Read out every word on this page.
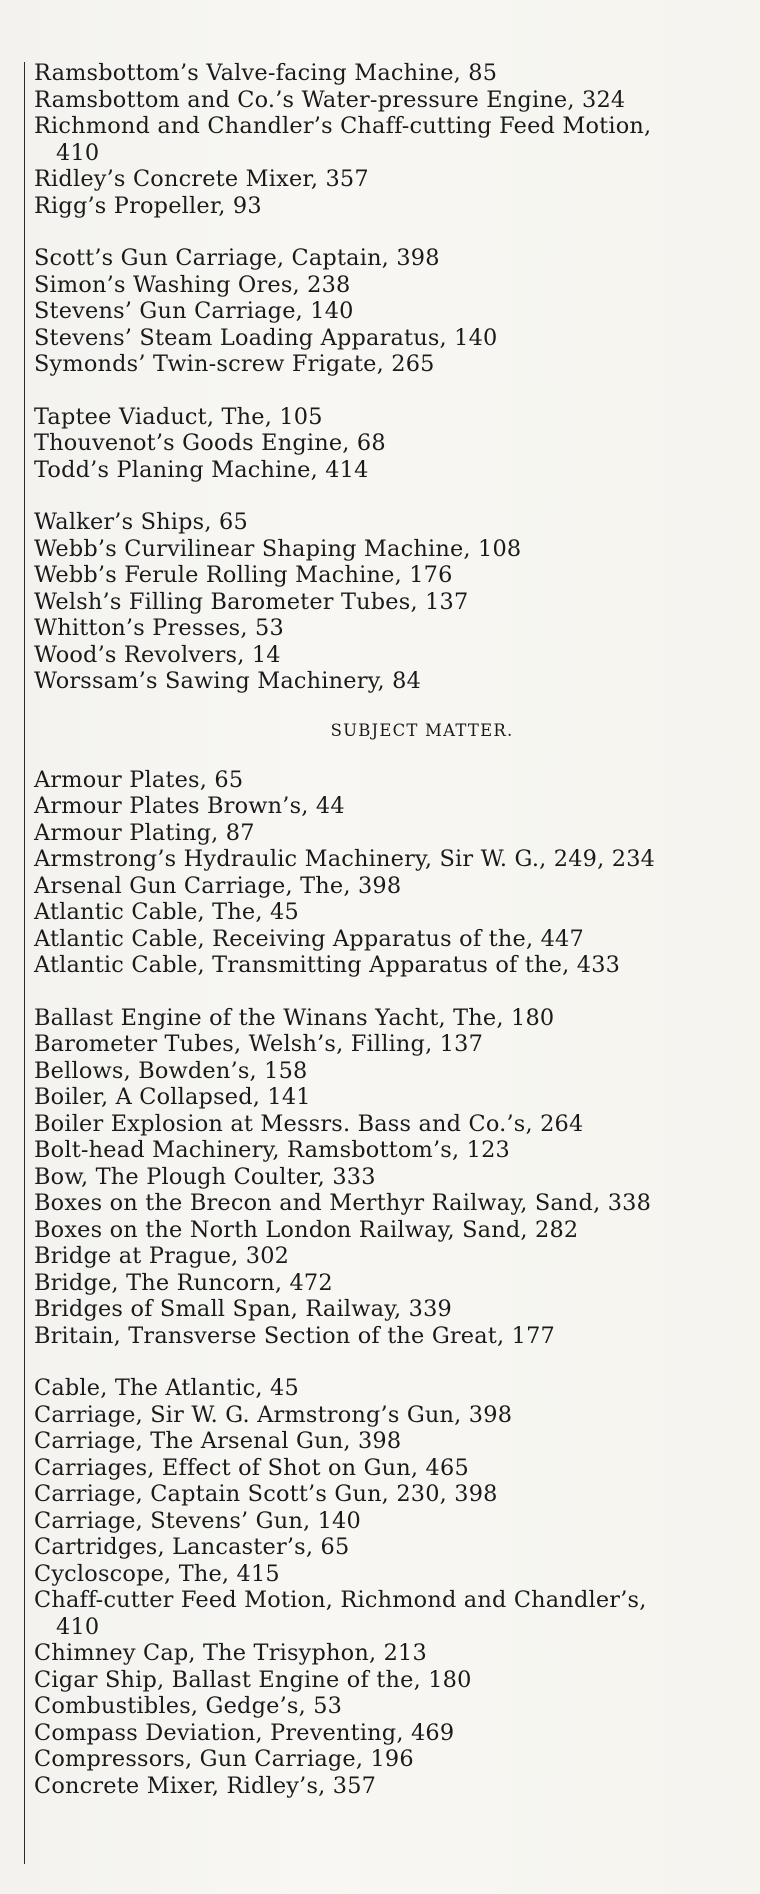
Ramsbottom’s Valve-facing Machine, 85
Ramsbottom and Co.’s Water-pressure Engine, 324
Richmond and Chandler’s Chaff-cutting Feed Motion,
410
Ridley’s Concrete Mixer, 357
Rigg’s Propeller, 93
Scott’s Gun Carriage, Captain, 398
Simon’s Washing Ores, 238
Stevens’ Gun Carriage, 140
Stevens’ Steam Loading Apparatus, 140
Symonds’ Twin-screw Frigate, 265
Taptee Viaduct, The, 105
Thouvenot’s Goods Engine, 68
Todd’s Planing Machine, 414
Walker’s Ships, 65
Webb’s Curvilinear Shaping Machine, 108
Webb’s Ferule Rolling Machine, 176
Welsh’s Filling Barometer Tubes, 137
Whitton’s Presses, 53
Wood’s Revolvers, 14
Worssam’s Sawing Machinery, 84
SUBJECT MATTER.
Armour Plates, 65
Armour Plates Brown’s, 44
Armour Plating, 87
Armstrong’s Hydraulic Machinery, Sir W. G., 249, 234
Arsenal Gun Carriage, The, 398
Atlantic Cable, The, 45
Atlantic Cable, Receiving Apparatus of the, 447
Atlantic Cable, Transmitting Apparatus of the, 433
Ballast Engine of the Winans Yacht, The, 180
Barometer Tubes, Welsh’s, Filling, 137
Bellows, Bowden’s, 158
Boiler, A Collapsed, 141
Boiler Explosion at Messrs. Bass and Co.’s, 264
Bolt-head Machinery, Ramsbottom’s, 123
Bow, The Plough Coulter, 333
Boxes on the Brecon and Merthyr Railway, Sand, 338
Boxes on the North London Railway, Sand, 282
Bridge at Prague, 302
Bridge, The Runcorn, 472
Bridges of Small Span, Railway, 339
Britain, Transverse Section of the Great, 177
Cable, The Atlantic, 45
Carriage, Sir W. G. Armstrong’s Gun, 398
Carriage, The Arsenal Gun, 398
Carriages, Effect of Shot on Gun, 465
Carriage, Captain Scott’s Gun, 230, 398
Carriage, Stevens’ Gun, 140
Cartridges, Lancaster’s, 65
Cycloscope, The, 415
Chaff-cutter Feed Motion, Richmond and Chandler’s,
410
Chimney Cap, The Trisyphon, 213
Cigar Ship, Ballast Engine of the, 180
Combustibles, Gedge’s, 53
Compass Deviation, Preventing, 469
Compressors, Gun Carriage, 196
Concrete Mixer, Ridley’s, 357
